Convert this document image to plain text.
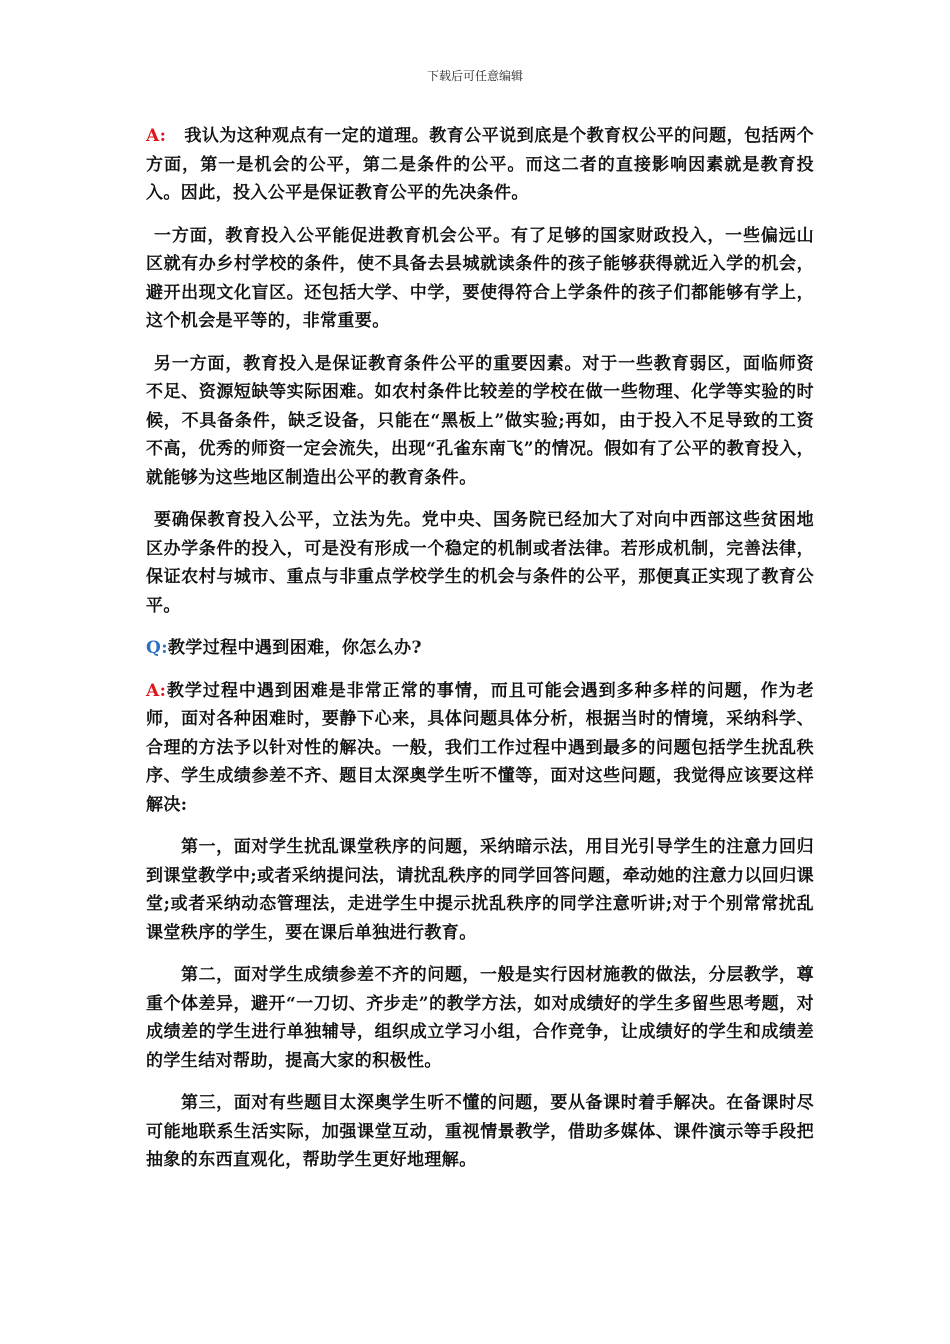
下载后可任意编辑

A: 我认为这种观点有一定的道理。教育公平说到底是个教育权公平的问题，包括两个方面，第一是机会的公平，第二是条件的公平。而这二者的直接影响因素就是教育投入。因此，投入公平是保证教育公平的先决条件。

一方面，教育投入公平能促进教育机会公平。有了足够的国家财政投入，一些偏远山区就有办乡村学校的条件，使不具备去县城就读条件的孩子能够获得就近入学的机会，避开出现文化盲区。还包括大学、中学，要使得符合上学条件的孩子们都能够有学上，这个机会是平等的，非常重要。

另一方面，教育投入是保证教育条件公平的重要因素。对于一些教育弱区，面临师资不足、资源短缺等实际困难。如农村条件比较差的学校在做一些物理、化学等实验的时候，不具备条件，缺乏设备，只能在“黑板上”做实验;再如，由于投入不足导致的工资不高，优秀的师资一定会流失，出现“孔雀东南飞”的情况。假如有了公平的教育投入，就能够为这些地区制造出公平的教育条件。

要确保教育投入公平，立法为先。党中央、国务院已经加大了对向中西部这些贫困地区办学条件的投入，可是没有形成一个稳定的机制或者法律。若形成机制，完善法律，保证农村与城市、重点与非重点学校学生的机会与条件的公平，那便真正实现了教育公平。

Q:教学过程中遇到困难，你怎么办?

A:教学过程中遇到困难是非常正常的事情，而且可能会遇到多种多样的问题，作为老师，面对各种困难时，要静下心来，具体问题具体分析，根据当时的情境，采纳科学、合理的方法予以针对性的解决。一般，我们工作过程中遇到最多的问题包括学生扰乱秩序、学生成绩参差不齐、题目太深奥学生听不懂等，面对这些问题，我觉得应该要这样解决:

第一，面对学生扰乱课堂秩序的问题，采纳暗示法，用目光引导学生的注意力回归到课堂教学中;或者采纳提问法，请扰乱秩序的同学回答问题，牵动她的注意力以回归课堂;或者采纳动态管理法，走进学生中提示扰乱秩序的同学注意听讲;对于个别常常扰乱课堂秩序的学生，要在课后单独进行教育。

第二，面对学生成绩参差不齐的问题，一般是实行因材施教的做法，分层教学，尊重个体差异，避开“一刀切、齐步走”的教学方法，如对成绩好的学生多留些思考题，对成绩差的学生进行单独辅导，组织成立学习小组，合作竞争，让成绩好的学生和成绩差的学生结对帮助，提高大家的积极性。

第三，面对有些题目太深奥学生听不懂的问题，要从备课时着手解决。在备课时尽可能地联系生活实际，加强课堂互动，重视情景教学，借助多媒体、课件演示等手段把抽象的东西直观化，帮助学生更好地理解。
